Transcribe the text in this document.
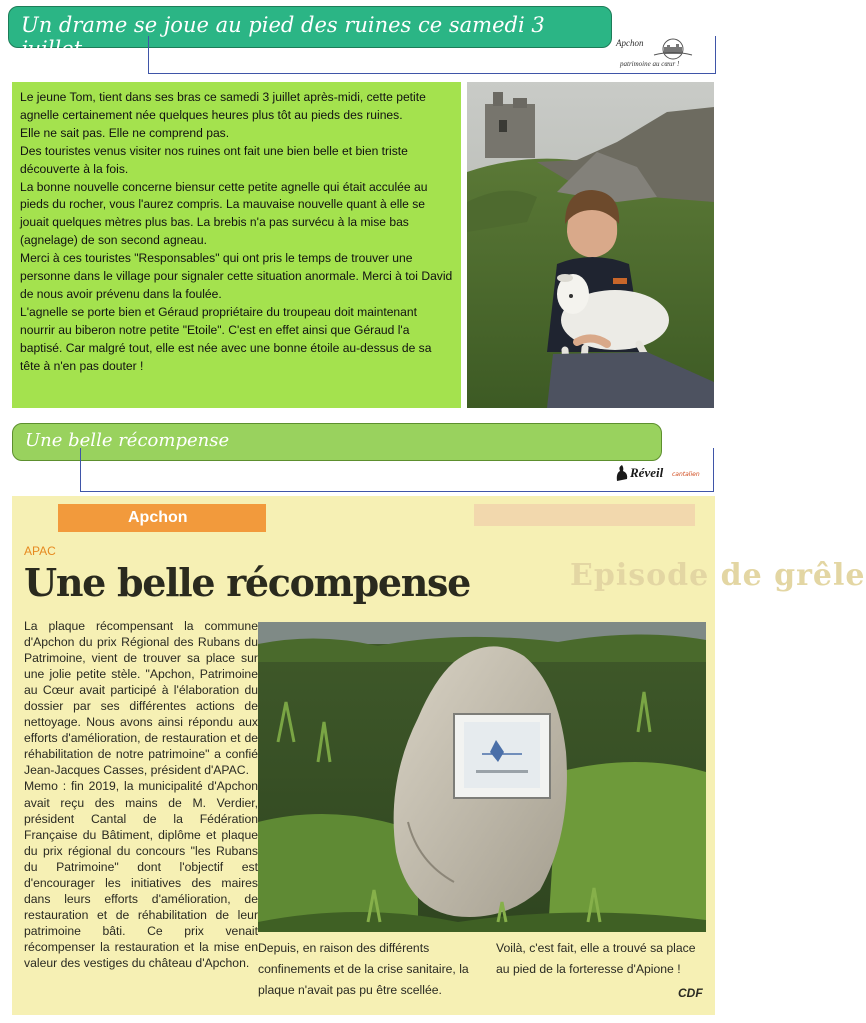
Un drame se joue au pied des ruines ce samedi 3 juillet	Apchon
patrimoine au cœur !

Le jeune Tom, tient dans ses bras ce samedi 3 juillet après-midi, cette petite agnelle certainement née quelques heures plus tôt au pieds des ruines.

Elle ne sait pas. Elle ne comprend pas.

Des touristes venus visiter nos ruines ont fait une bien belle et bien triste découverte à la fois.

La bonne nouvelle concerne biensur cette petite agnelle qui était acculée au pieds du rocher, vous l'aurez compris. La mauvaise nouvelle quant à elle se jouait quelques mètres plus bas. La brebis n'a pas survécu à la mise bas (agnelage) de son second agneau.

Merci à ces touristes "Responsables" qui ont pris le temps de trouver une personne dans le village pour signaler cette situation anormale. Merci à toi David de nous avoir prévenu dans la foulée.

L'agnelle se porte bien et Géraud propriétaire du troupeau doit maintenant nourrir au biberon notre petite "Etoile". C'est en effet ainsi que Géraud l'a baptisé. Car malgré tout, elle est née avec une bonne étoile au-dessus de sa tête à n'en pas douter !

Une belle récompense
Réveil cantalien
Episode de grêle
Apchon
APAC
Une belle récompense

La plaque récompensant la commune d'Apchon du prix Régional des Rubans du Patrimoine, vient de trouver sa place sur une jolie petite stèle. "Apchon, Patrimoine au Cœur avait participé à l'élaboration du dossier par ses différentes actions de nettoyage. Nous avons ainsi répondu aux efforts d'amélioration, de restauration et de réhabilitation de notre patrimoine" a confié Jean-Jacques Casses, président d'APAC.

Memo : fin 2019, la municipalité d'Apchon avait reçu des mains de M. Verdier, président Cantal de la Fédération Française du Bâtiment, diplôme et plaque du prix régional du concours "les Rubans du Patrimoine" dont l'objectif est d'encourager les initiatives des maires dans leurs efforts d'amélioration, de restauration et de réhabilitation de leur patrimoine bâti. Ce prix venait récompenser la restauration et la mise en valeur des vestiges du château d'Apchon.

Depuis, en raison des différents confinements et de la crise sanitaire, la plaque n'avait pas pu être scellée.
Voilà, c'est fait, elle a trouvé sa place au pied de la forteresse d'Apione !
CDF
